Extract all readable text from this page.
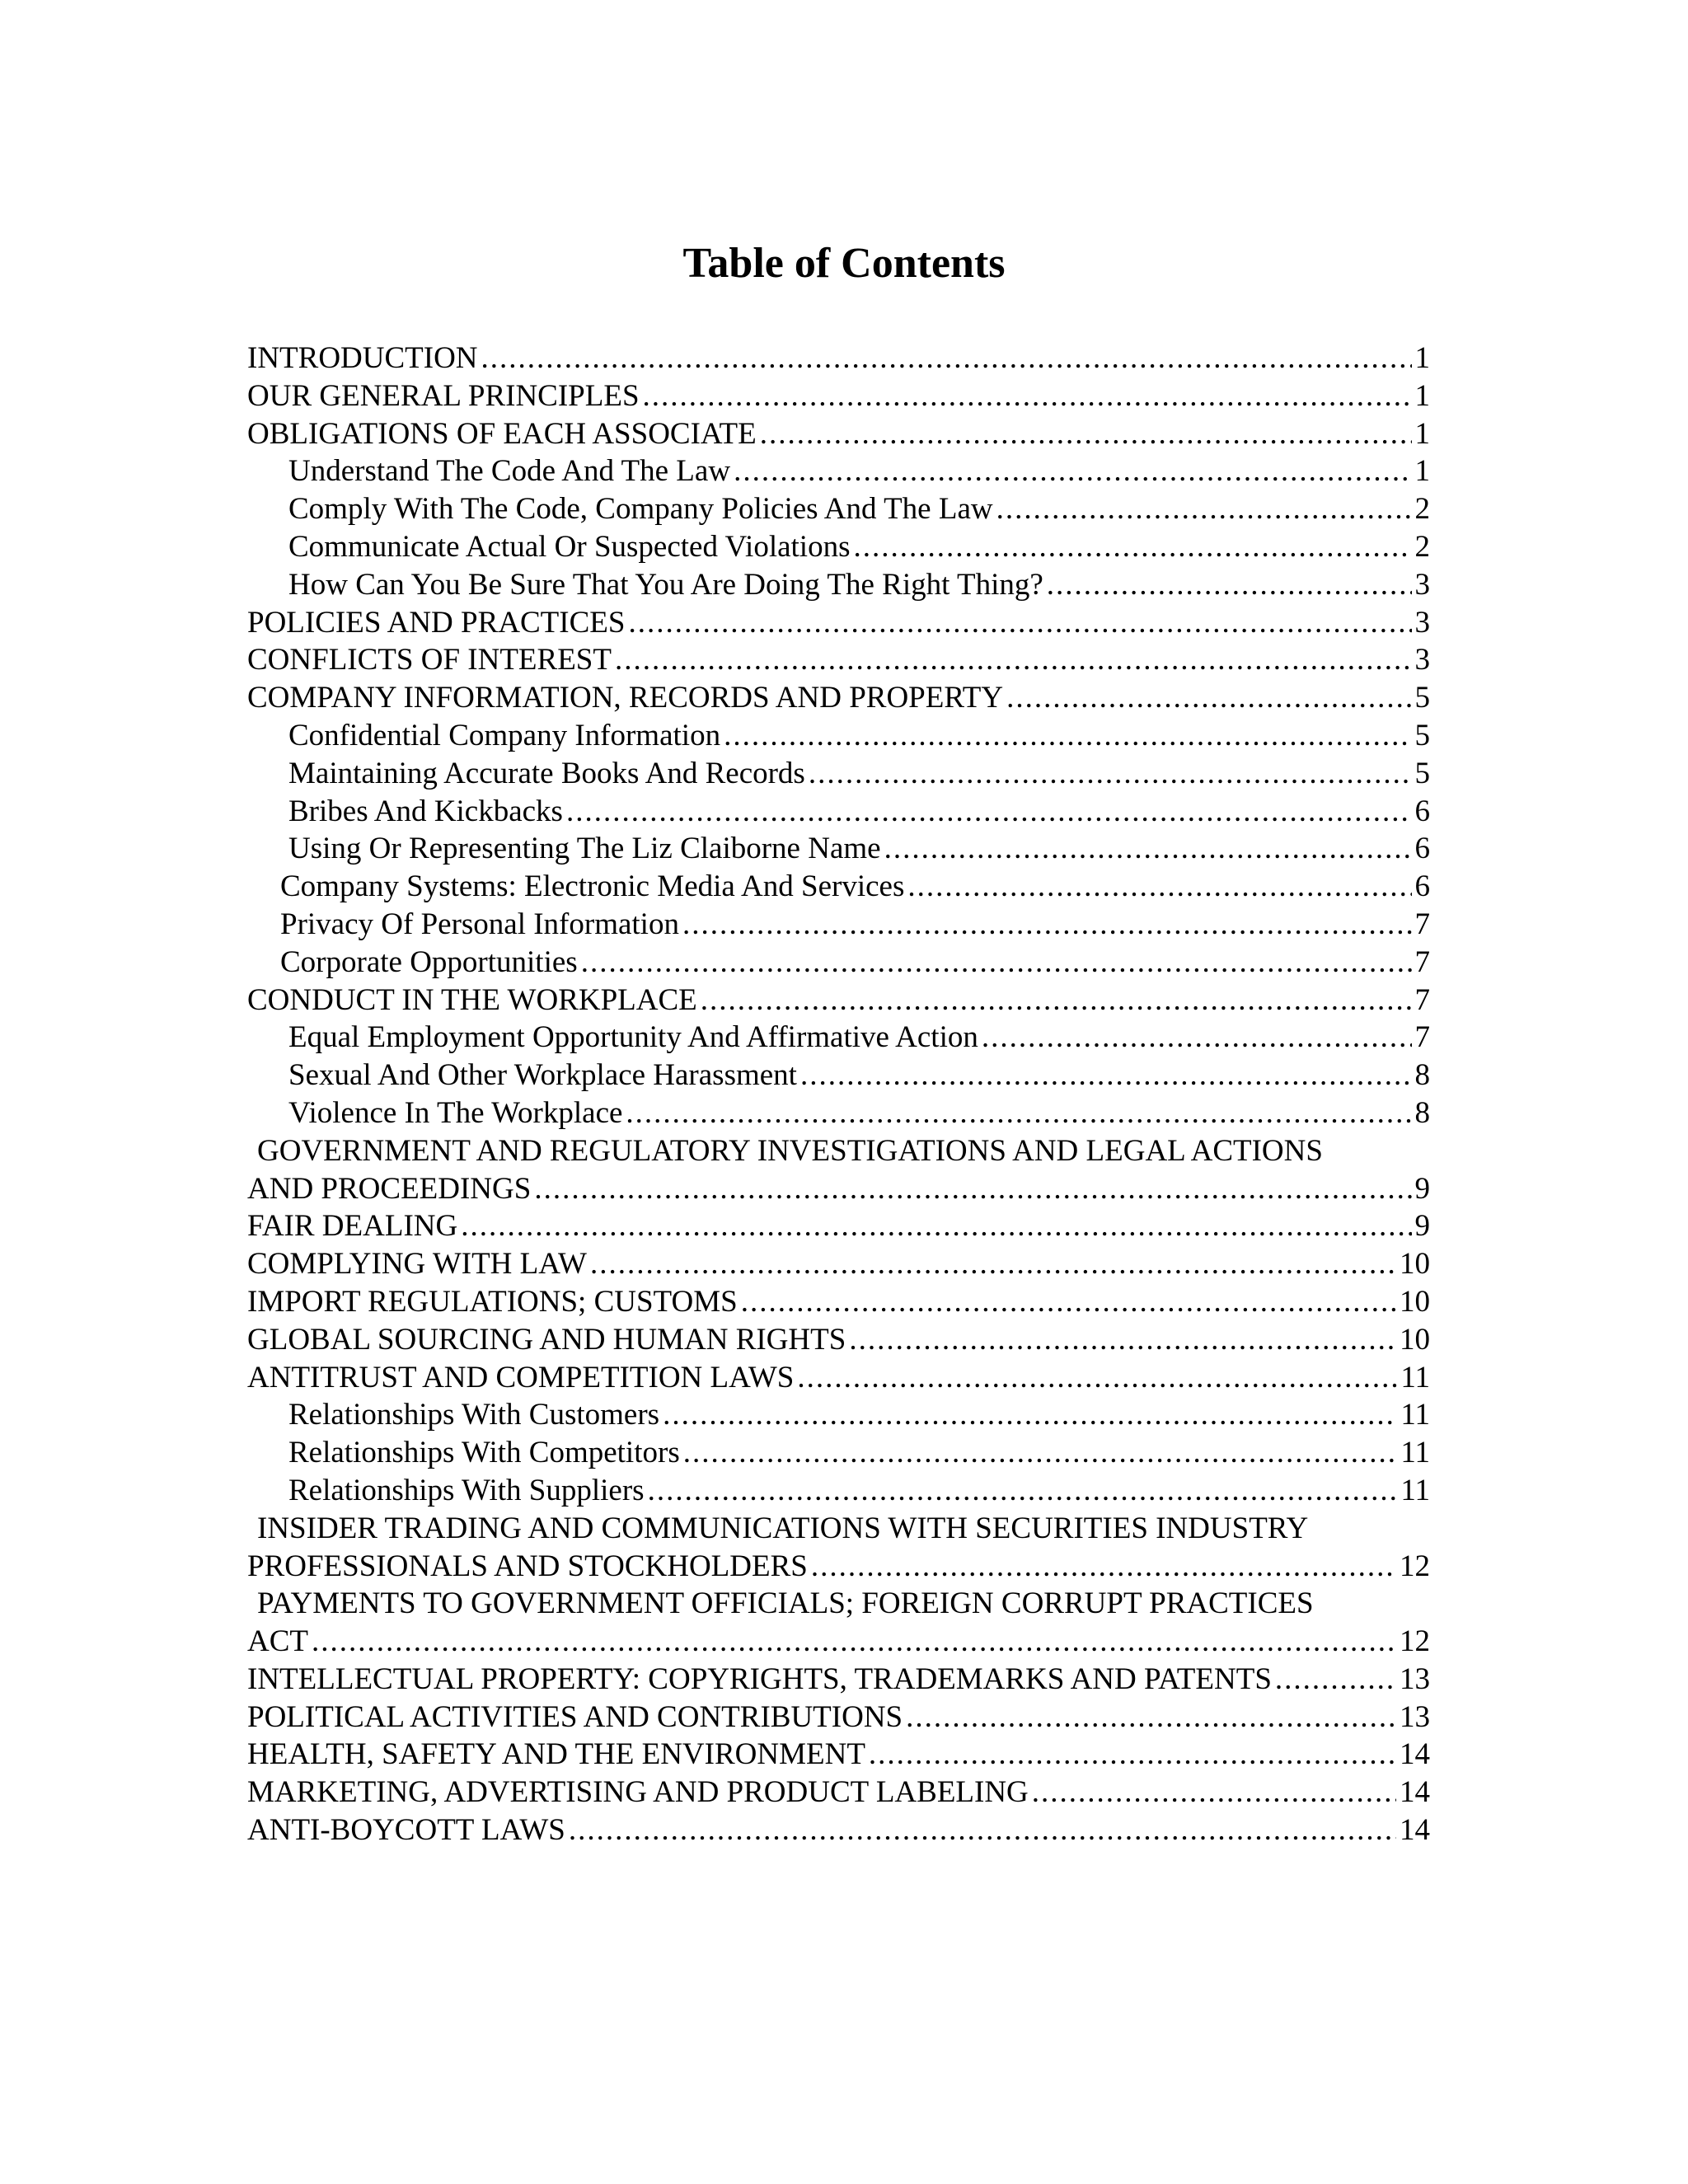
Table of Contents
INTRODUCTION .....	1
OUR GENERAL PRINCIPLES .....	1
OBLIGATIONS OF EACH ASSOCIATE .....	1
Understand The Code And The Law .....	1
Comply With The Code, Company Policies And The Law .....	2
Communicate Actual Or Suspected Violations .....	2
How Can You Be Sure That You Are Doing The Right Thing? .....	3
POLICIES AND PRACTICES .....	3
CONFLICTS OF INTEREST .....	3
COMPANY INFORMATION, RECORDS AND PROPERTY .....	5
Confidential Company Information .....	5
Maintaining Accurate Books And Records .....	5
Bribes And Kickbacks .....	6
Using Or Representing The Liz Claiborne Name .....	6
Company Systems: Electronic Media And Services .....	6
Privacy Of Personal Information .....	7
Corporate Opportunities .....	7
CONDUCT IN THE WORKPLACE .....	7
Equal Employment Opportunity And Affirmative Action .....	7
Sexual And Other Workplace Harassment .....	8
Violence In The Workplace .....	8
GOVERNMENT AND REGULATORY INVESTIGATIONS AND LEGAL ACTIONS
AND PROCEEDINGS .....	9
FAIR DEALING .....	9
COMPLYING WITH LAW .....	10
IMPORT REGULATIONS; CUSTOMS .....	10
GLOBAL SOURCING AND HUMAN RIGHTS .....	10
ANTITRUST AND COMPETITION LAWS .....	11
Relationships With Customers .....	11
Relationships With Competitors .....	11
Relationships With Suppliers .....	11
INSIDER TRADING AND COMMUNICATIONS WITH SECURITIES INDUSTRY
PROFESSIONALS AND STOCKHOLDERS .....	12
PAYMENTS TO GOVERNMENT OFFICIALS; FOREIGN CORRUPT PRACTICES
ACT .....	12
INTELLECTUAL PROPERTY: COPYRIGHTS, TRADEMARKS AND PATENTS .....	13
POLITICAL ACTIVITIES AND CONTRIBUTIONS .....	13
HEALTH, SAFETY AND THE ENVIRONMENT .....	14
MARKETING, ADVERTISING AND PRODUCT LABELING .....	14
ANTI-BOYCOTT LAWS .....	14
